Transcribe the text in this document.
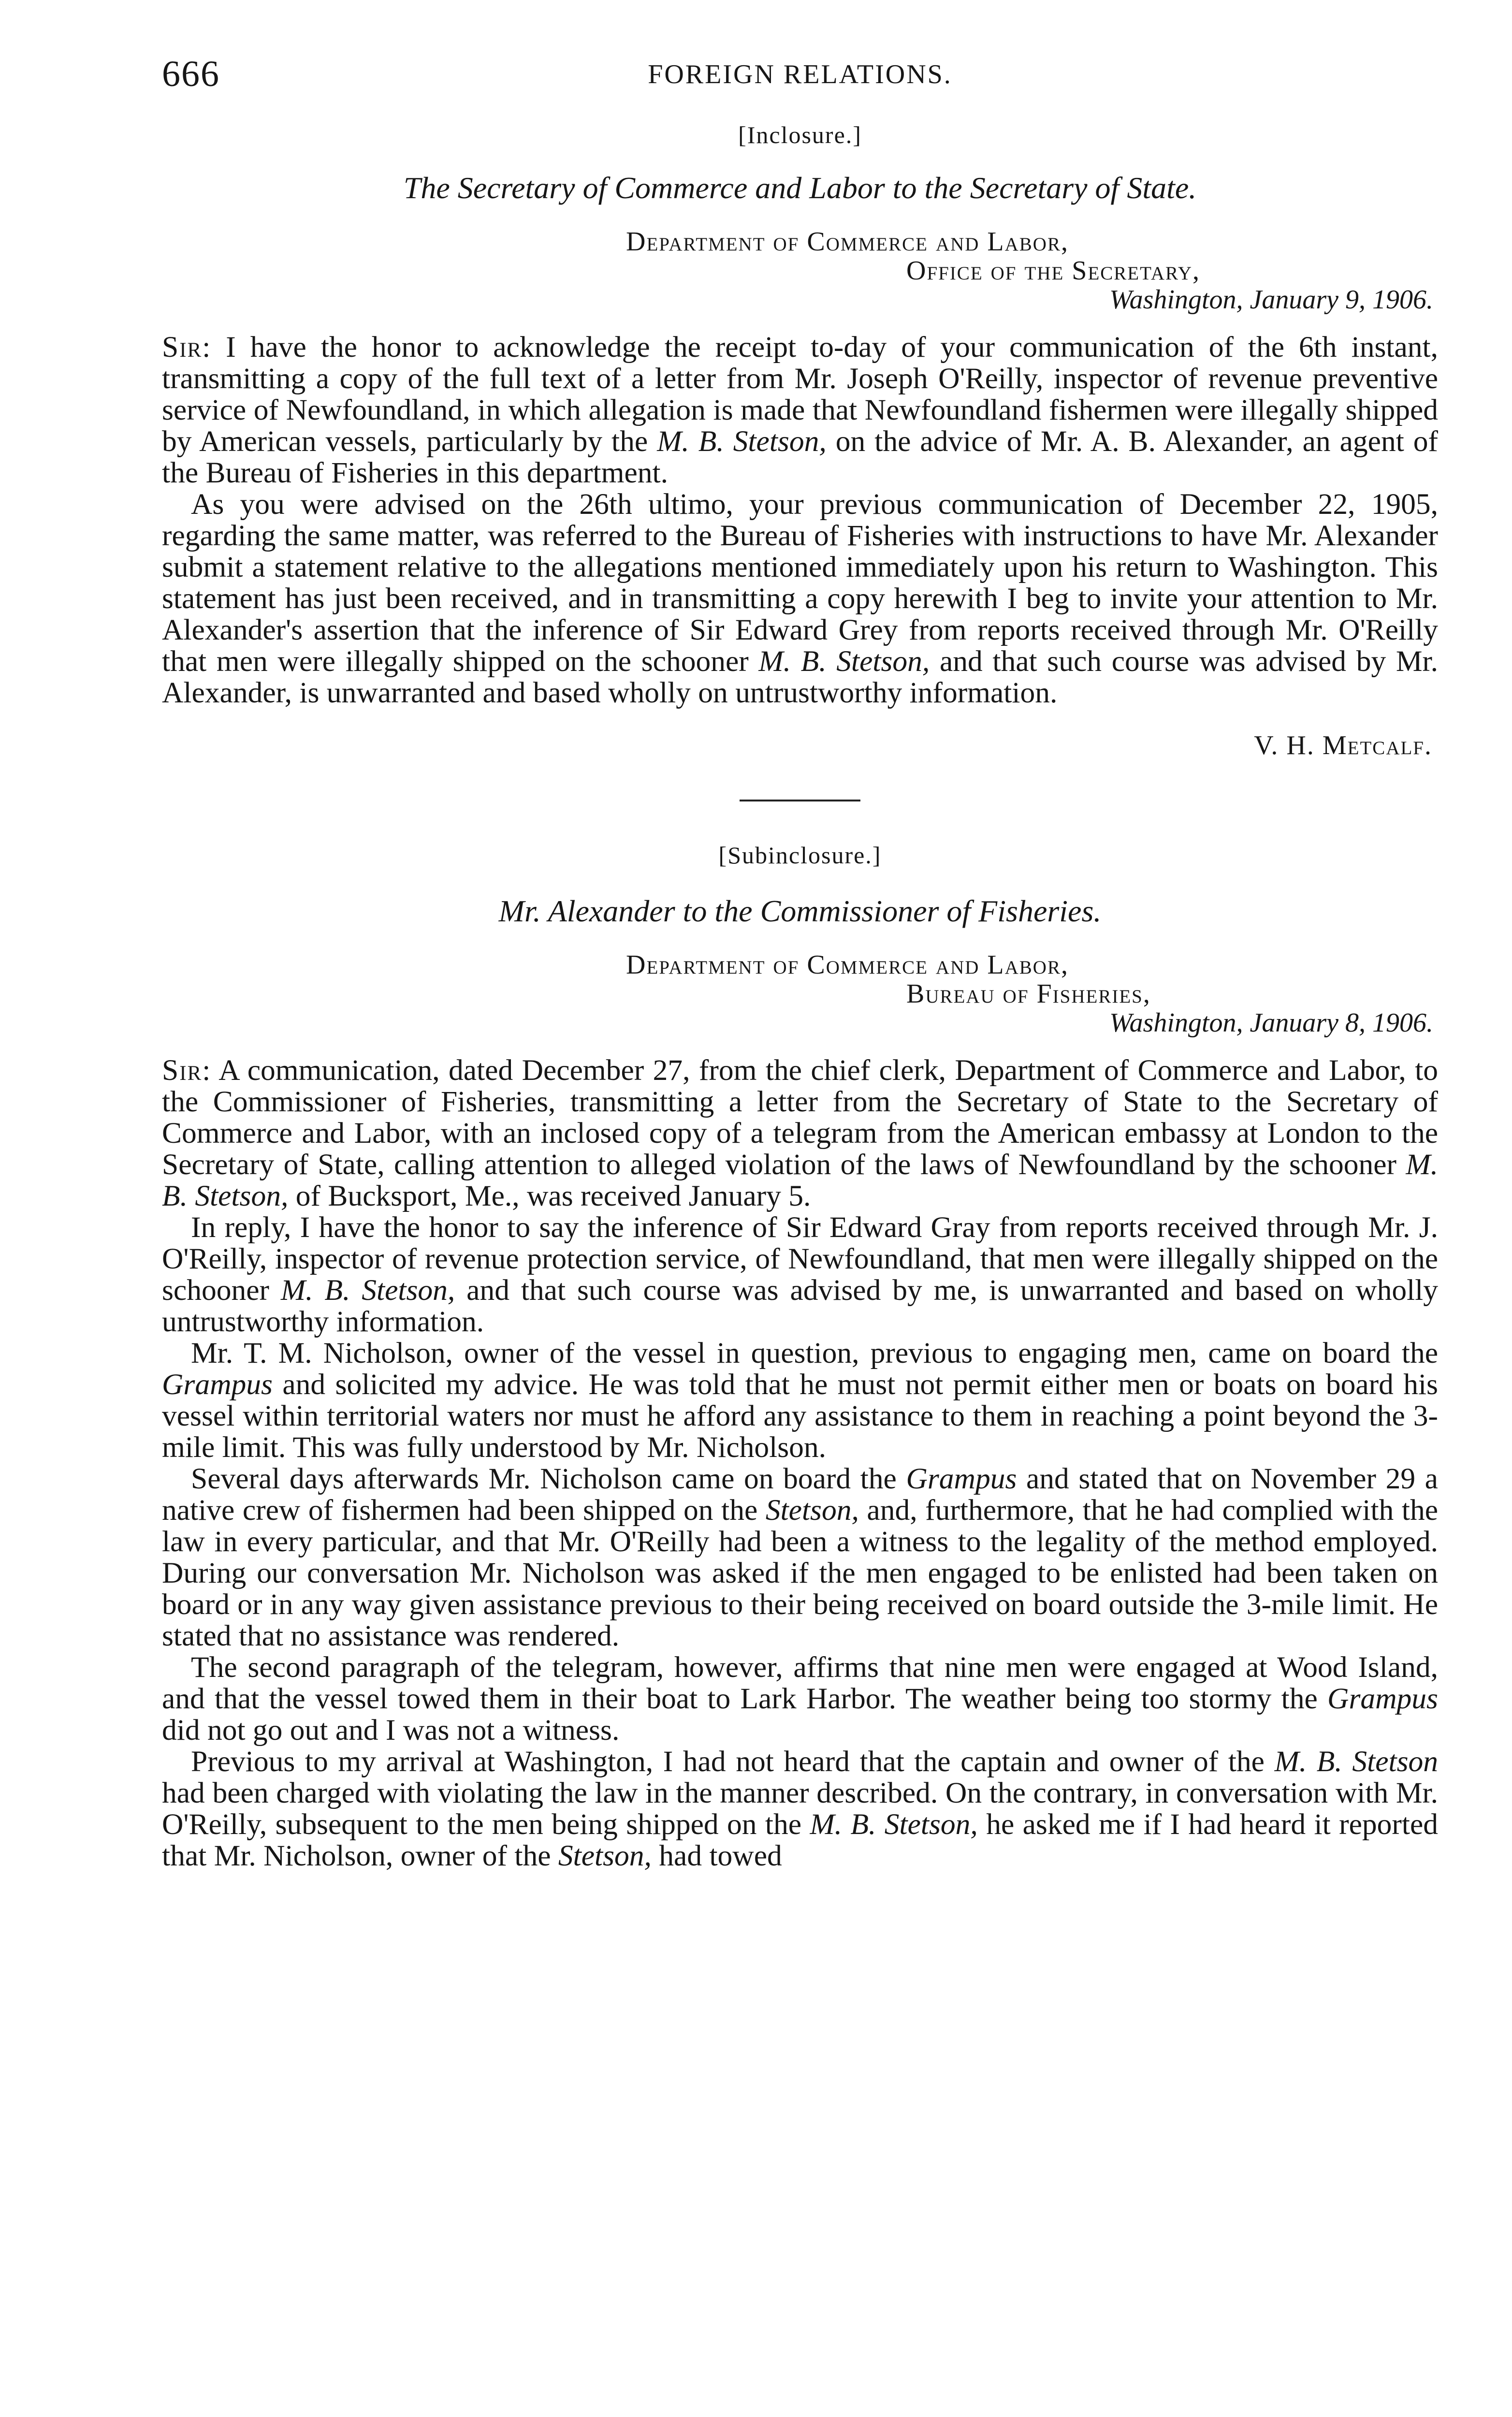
666	FOREIGN RELATIONS.
[Inclosure.]
The Secretary of Commerce and Labor to the Secretary of State.
Department of Commerce and Labor,
Office of the Secretary,
Washington, January 9, 1906.

Sir: I have the honor to acknowledge the receipt to-day of your communication of the 6th instant, transmitting a copy of the full text of a letter from Mr. Joseph O'Reilly, inspector of revenue preventive service of Newfoundland, in which allegation is made that Newfoundland fishermen were illegally shipped by American vessels, particularly by the M. B. Stetson, on the advice of Mr. A. B. Alexander, an agent of the Bureau of Fisheries in this department.

As you were advised on the 26th ultimo, your previous communication of December 22, 1905, regarding the same matter, was referred to the Bureau of Fisheries with instructions to have Mr. Alexander submit a statement relative to the allegations mentioned immediately upon his return to Washington. This statement has just been received, and in transmitting a copy herewith I beg to invite your attention to Mr. Alexander's assertion that the inference of Sir Edward Grey from reports received through Mr. O'Reilly that men were illegally shipped on the schooner M. B. Stetson, and that such course was advised by Mr. Alexander, is unwarranted and based wholly on untrustworthy information.

V. H. Metcalf.
[Subinclosure.]
Mr. Alexander to the Commissioner of Fisheries.
Department of Commerce and Labor,
Bureau of Fisheries,
Washington, January 8, 1906.

Sir: A communication, dated December 27, from the chief clerk, Department of Commerce and Labor, to the Commissioner of Fisheries, transmitting a letter from the Secretary of State to the Secretary of Commerce and Labor, with an inclosed copy of a telegram from the American embassy at London to the Secretary of State, calling attention to alleged violation of the laws of Newfoundland by the schooner M. B. Stetson, of Bucksport, Me., was received January 5.

In reply, I have the honor to say the inference of Sir Edward Gray from reports received through Mr. J. O'Reilly, inspector of revenue protection service, of Newfoundland, that men were illegally shipped on the schooner M. B. Stetson, and that such course was advised by me, is unwarranted and based on wholly untrustworthy information.

Mr. T. M. Nicholson, owner of the vessel in question, previous to engaging men, came on board the Grampus and solicited my advice. He was told that he must not permit either men or boats on board his vessel within territorial waters nor must he afford any assistance to them in reaching a point beyond the 3-mile limit. This was fully understood by Mr. Nicholson.

Several days afterwards Mr. Nicholson came on board the Grampus and stated that on November 29 a native crew of fishermen had been shipped on the Stetson, and, furthermore, that he had complied with the law in every particular, and that Mr. O'Reilly had been a witness to the legality of the method employed. During our conversation Mr. Nicholson was asked if the men engaged to be enlisted had been taken on board or in any way given assistance previous to their being received on board outside the 3-mile limit. He stated that no assistance was rendered.

The second paragraph of the telegram, however, affirms that nine men were engaged at Wood Island, and that the vessel towed them in their boat to Lark Harbor. The weather being too stormy the Grampus did not go out and I was not a witness.

Previous to my arrival at Washington, I had not heard that the captain and owner of the M. B. Stetson had been charged with violating the law in the manner described. On the contrary, in conversation with Mr. O'Reilly, subsequent to the men being shipped on the M. B. Stetson, he asked me if I had heard it reported that Mr. Nicholson, owner of the Stetson, had towed
